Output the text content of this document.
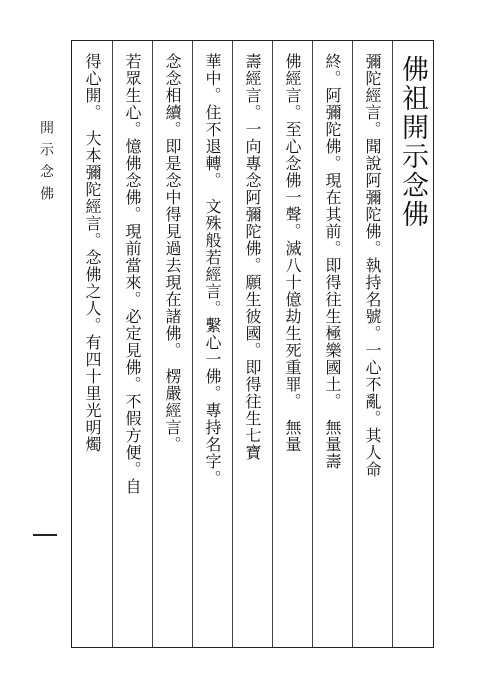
開示念佛	佛祖開示念佛
彌陀經言。聞說阿彌陀佛。執持名號。一心不亂。其人命
終。阿彌陀佛。現在其前。即得往生極樂國土。　無量壽
佛經言。至心念佛一聲。滅八十億劫生死重罪。　無量
壽經言。一向專念阿彌陀佛。願生彼國。即得往生七寶
華中。住不退轉。　文殊般若經言。繫心一佛。專持名字。
念念相續。即是念中得見過去現在諸佛。　楞嚴經言。
若眾生心。憶佛念佛。現前當來。必定見佛。不假方便。自
得心開。　大本彌陀經言。念佛之人。有四十里光明燭
